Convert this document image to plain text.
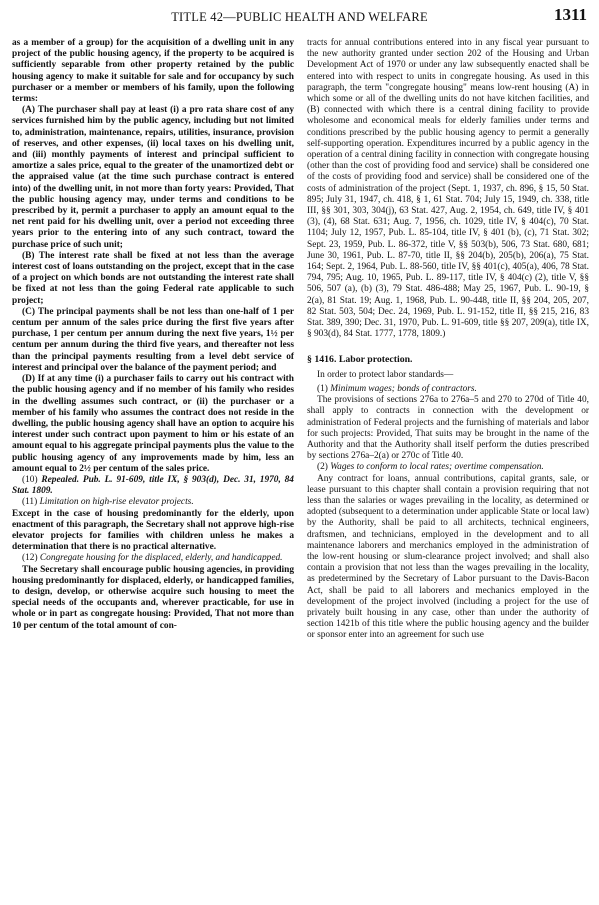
TITLE 42—PUBLIC HEALTH AND WELFARE	1311

as a member of a group) for the acquisition of a dwelling unit in any project of the public housing agency, if the property to be acquired is sufficiently separable from other property retained by the public housing agency to make it suitable for sale and for occupancy by such purchaser or a member or members of his family, upon the following terms:

(A) The purchaser shall pay at least (i) a pro rata share cost of any services furnished him by the public agency, including but not limited to, administration, maintenance, repairs, utilities, insurance, provision of reserves, and other expenses, (ii) local taxes on his dwelling unit, and (iii) monthly payments of interest and principal sufficient to amortize a sales price, equal to the greater of the unamortized debt or the appraised value (at the time such purchase contract is entered into) of the dwelling unit, in not more than forty years: Provided, That the public housing agency may, under terms and conditions to be prescribed by it, permit a purchaser to apply an amount equal to the net rent paid for his dwelling unit, over a period not exceeding three years prior to the entering into of any such contract, toward the purchase price of such unit;

(B) The interest rate shall be fixed at not less than the average interest cost of loans outstanding on the project, except that in the case of a project on which bonds are not outstanding the interest rate shall be fixed at not less than the going Federal rate applicable to such project;

(C) The principal payments shall be not less than one-half of 1 per centum per annum of the sales price during the first five years after purchase, 1 per centum per annum during the next five years, 1½ per centum per annum during the third five years, and thereafter not less than the principal payments resulting from a level debt service of interest and principal over the balance of the payment period; and

(D) If at any time (i) a purchaser fails to carry out his contract with the public housing agency and if no member of his family who resides in the dwelling assumes such contract, or (ii) the purchaser or a member of his family who assumes the contract does not reside in the dwelling, the public housing agency shall have an option to acquire his interest under such contract upon payment to him or his estate of an amount equal to his aggregate principal payments plus the value to the public housing agency of any improvements made by him, less an amount equal to 2½ per centum of the sales price.

(10) Repealed. Pub. L. 91-609, title IX, § 903(d), Dec. 31, 1970, 84 Stat. 1809.

(11) Limitation on high-rise elevator projects.

Except in the case of housing predominantly for the elderly, upon enactment of this paragraph, the Secretary shall not approve high-rise elevator projects for families with children unless he makes a determination that there is no practical alternative.

(12) Congregate housing for the displaced, elderly, and handicapped.

The Secretary shall encourage public housing agencies, in providing housing predominantly for displaced, elderly, or handicapped families, to design, develop, or otherwise acquire such housing to meet the special needs of the occupants and, wherever practicable, for use in whole or in part as congregate housing: Provided, That not more than 10 per centum of the total amount of con-

tracts for annual contributions entered into in any fiscal year pursuant to the new authority granted under section 202 of the Housing and Urban Development Act of 1970 or under any law subsequently enacted shall be entered into with respect to units in congregate housing. As used in this paragraph, the term "congregate housing" means low-rent housing (A) in which some or all of the dwelling units do not have kitchen facilities, and (B) connected with which there is a central dining facility to provide wholesome and economical meals for elderly families under terms and conditions prescribed by the public housing agency to permit a generally self-supporting operation. Expenditures incurred by a public agency in the operation of a central dining facility in connection with congregate housing (other than the cost of providing food and service) shall be considered one of the costs of providing food and service) shall be considered one of the costs of administration of the project (Sept. 1, 1937, ch. 896, § 15, 50 Stat. 895; July 31, 1947, ch. 418, § 1, 61 Stat. 704; July 15, 1949, ch. 338, title III, §§ 301, 303, 304(j), 63 Stat. 427, Aug. 2, 1954, ch. 649, title IV, § 401 (3), (4), 68 Stat. 631; Aug. 7, 1956, ch. 1029, title IV, § 404(c), 70 Stat. 1104; July 12, 1957, Pub. L. 85-104, title IV, § 401 (b), (c), 71 Stat. 302; Sept. 23, 1959, Pub. L. 86-372, title V, §§ 503(b), 506, 73 Stat. 680, 681; June 30, 1961, Pub. L. 87-70, title II, §§ 204(b), 205(b), 206(a), 75 Stat. 164; Sept. 2, 1964, Pub. L. 88-560, title IV, §§ 401(c), 405(a), 406, 78 Stat. 794, 795; Aug. 10, 1965, Pub. L. 89-117, title IV, § 404(c) (2), title V, §§ 506, 507 (a), (b) (3), 79 Stat. 486-488; May 25, 1967, Pub. L. 90-19, § 2(a), 81 Stat. 19; Aug. 1, 1968, Pub. L. 90-448, title II, §§ 204, 205, 207, 82 Stat. 503, 504; Dec. 24, 1969, Pub. L. 91-152, title II, §§ 215, 216, 83 Stat. 389, 390; Dec. 31, 1970, Pub. L. 91-609, title §§ 207, 209(a), title IX, § 903(d), 84 Stat. 1777, 1778, 1809.)

§ 1416. Labor protection.

In order to protect labor standards—

(1) Minimum wages; bonds of contractors.

The provisions of sections 276a to 276a–5 and 270 to 270d of Title 40, shall apply to contracts in connection with the development or administration of Federal projects and the furnishing of materials and labor for such projects: Provided, That suits may be brought in the name of the Authority and that the Authority shall itself perform the duties prescribed by sections 276a–2(a) or 270c of Title 40.

(2) Wages to conform to local rates; overtime compensation.

Any contract for loans, annual contributions, capital grants, sale, or lease pursuant to this chapter shall contain a provision requiring that not less than the salaries or wages prevailing in the locality, as determined or adopted (subsequent to a determination under applicable State or local law) by the Authority, shall be paid to all architects, technical engineers, draftsmen, and technicians, employed in the development and to all maintenance laborers and merchanics employed in the administration of the low-rent housing or slum-clearance project involved; and shall also contain a provision that not less than the wages prevailing in the locality, as predetermined by the Secretary of Labor pursuant to the Davis-Bacon Act, shall be paid to all laborers and mechanics employed in the development of the project involved (including a project for the use of privately built housing in any case, other than under the authority of section 1421b of this title where the public housing agency and the builder or sponsor enter into an agreement for such use
